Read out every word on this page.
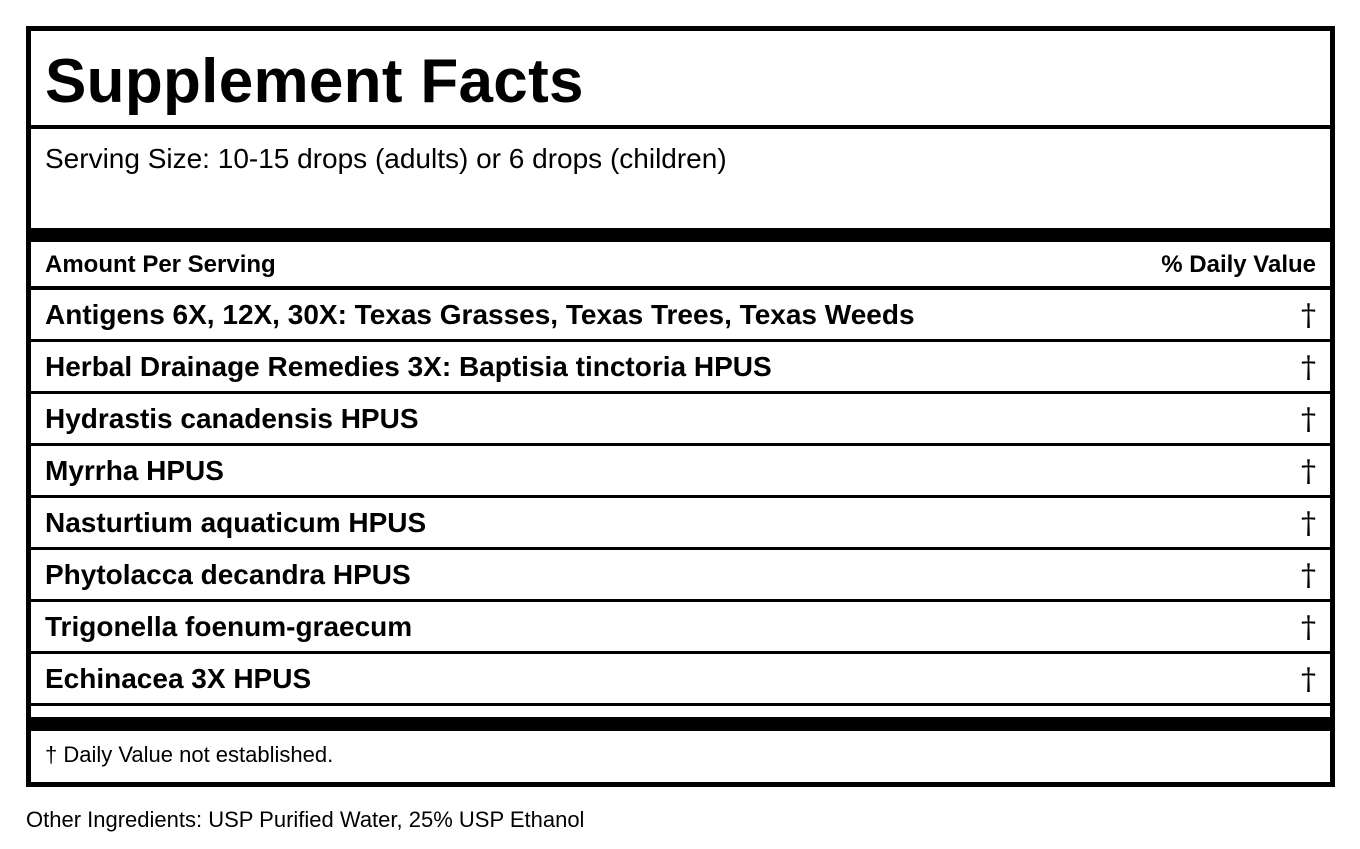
Supplement Facts
Serving Size: 10-15 drops (adults) or 6 drops (children)
Amount Per Serving	% Daily Value
Antigens 6X, 12X, 30X: Texas Grasses, Texas Trees, Texas Weeds	†
Herbal Drainage Remedies 3X: Baptisia tinctoria HPUS	†
Hydrastis canadensis HPUS	†
Myrrha HPUS	†
Nasturtium aquaticum HPUS	†
Phytolacca decandra HPUS	†
Trigonella foenum-graecum	†
Echinacea 3X HPUS	†
† Daily Value not established.
Other Ingredients: USP Purified Water, 25% USP Ethanol
